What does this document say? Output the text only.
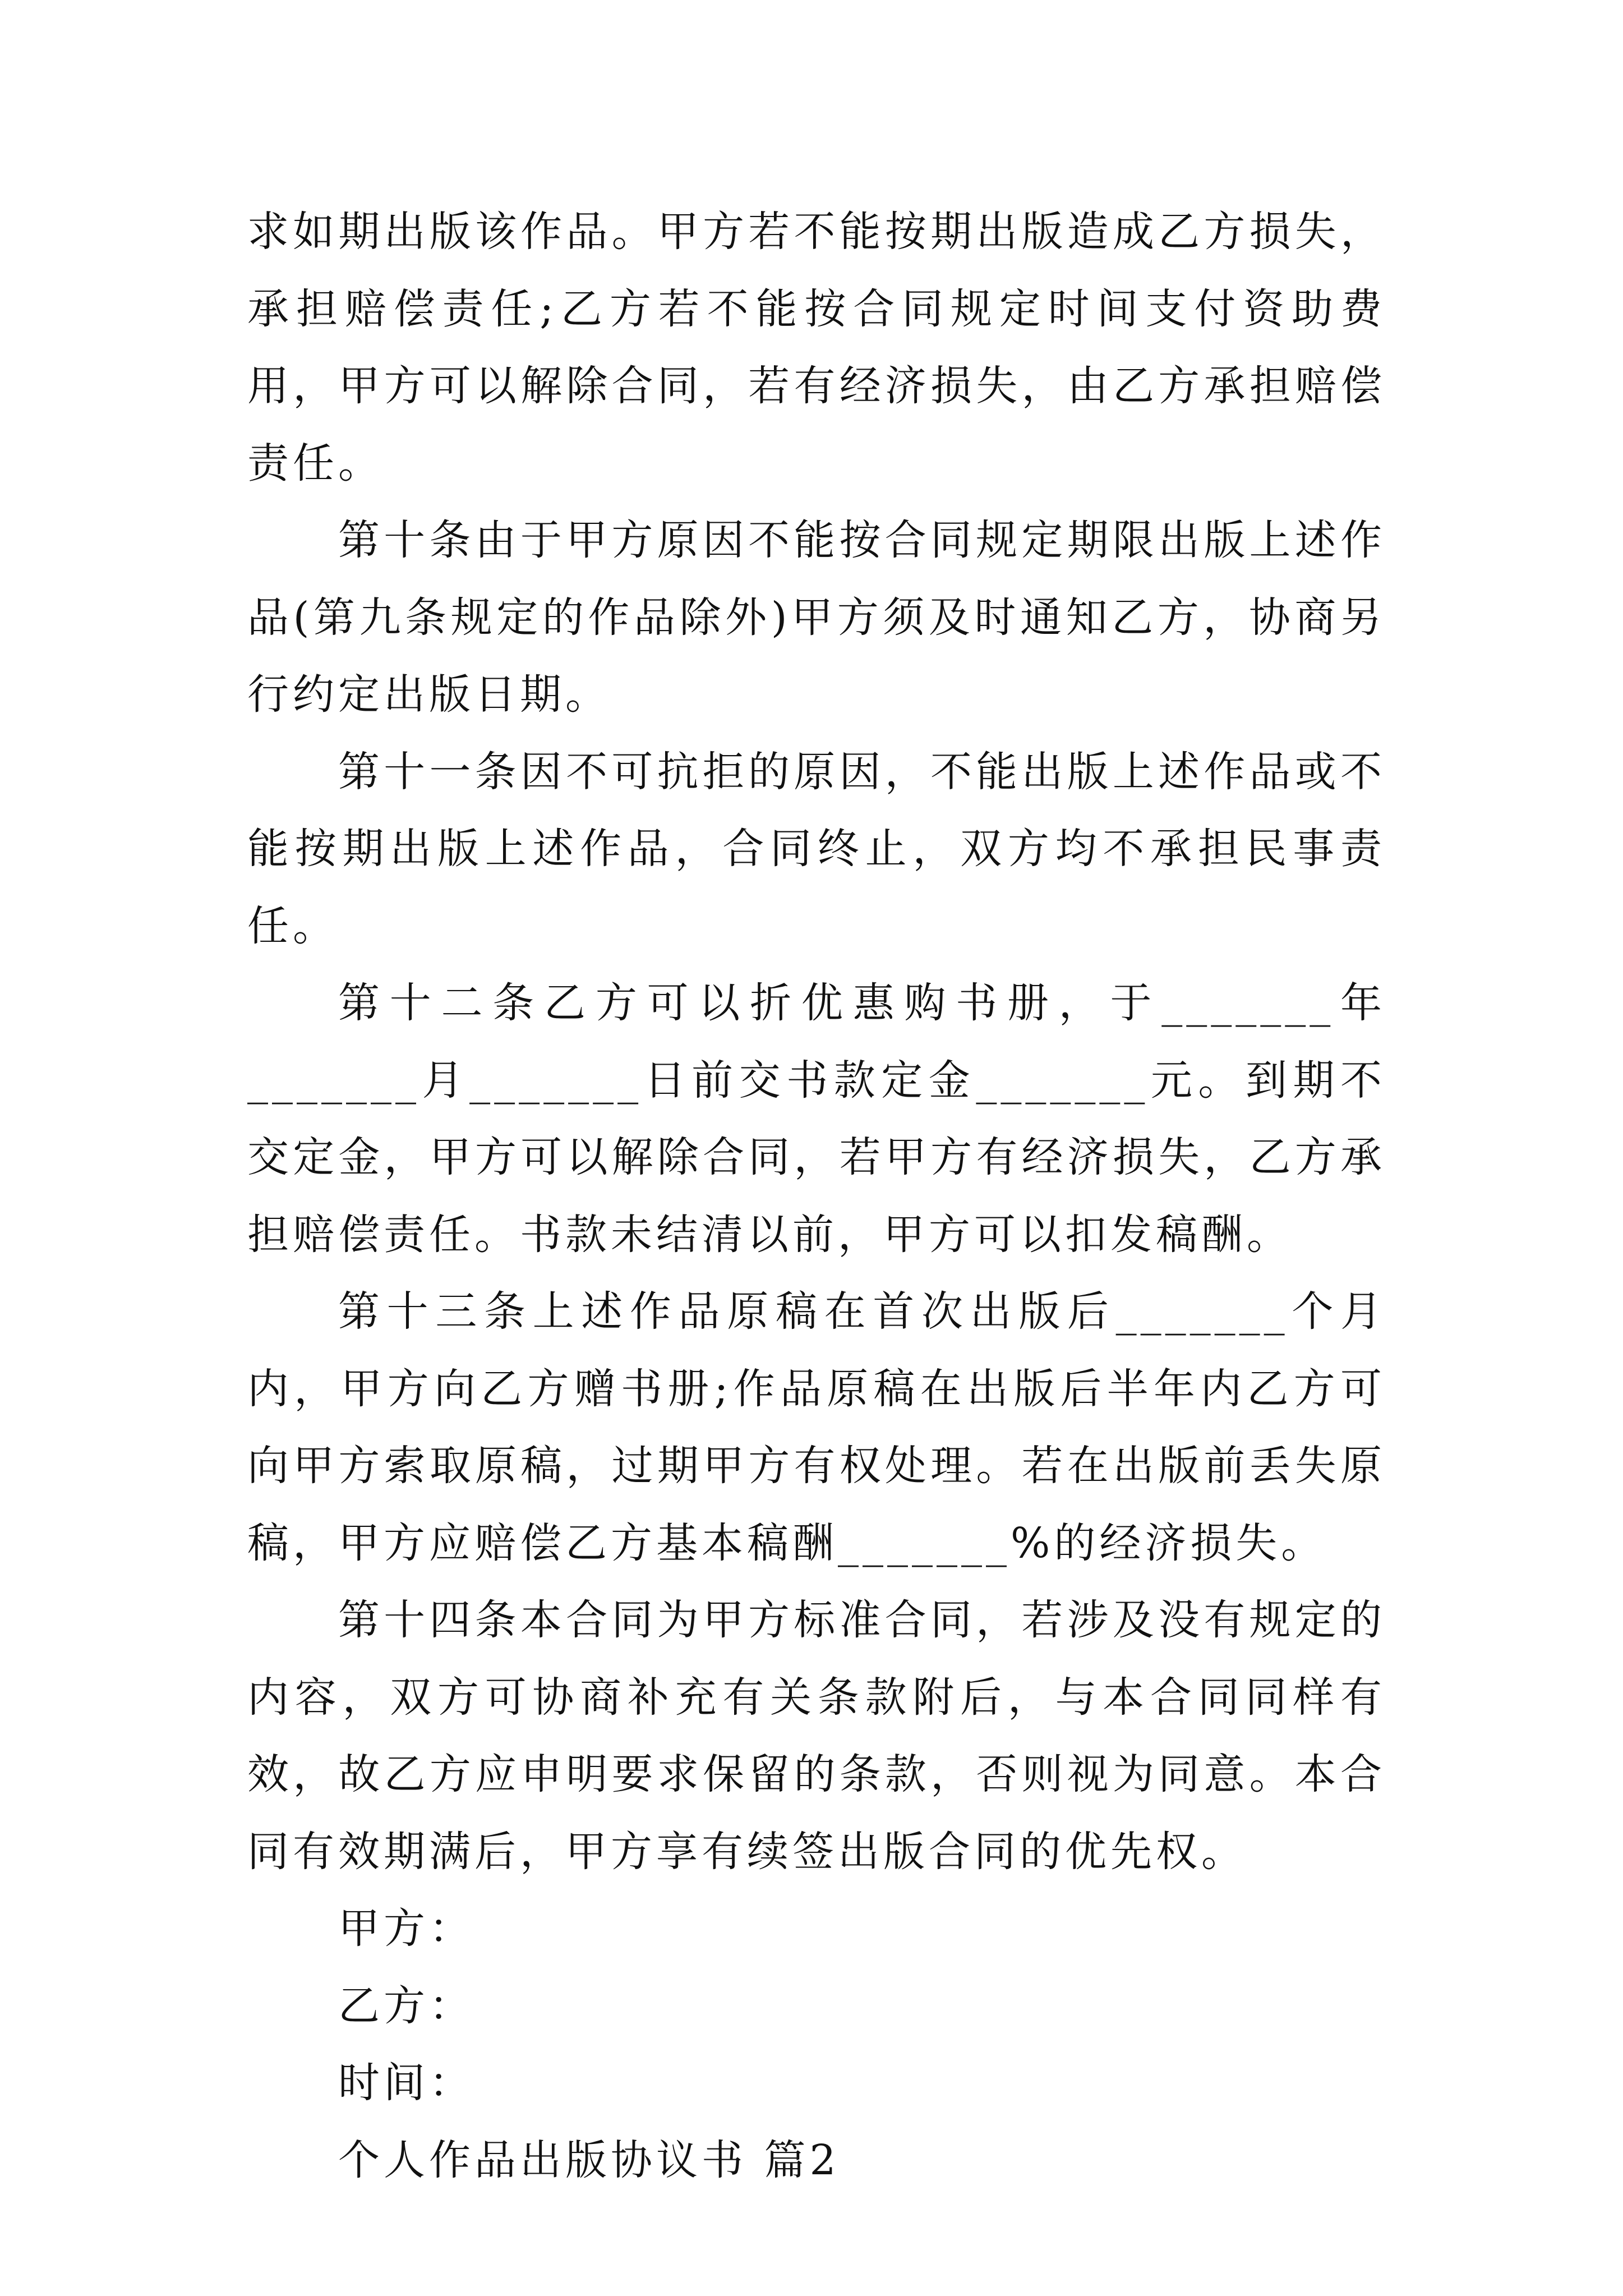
求如期出版该作品。甲方若不能按期出版造成乙方损失，承担赔偿责任;乙方若不能按合同规定时间支付资助费用，甲方可以解除合同，若有经济损失，由乙方承担赔偿责任。

第十条由于甲方原因不能按合同规定期限出版上述作品(第九条规定的作品除外)甲方须及时通知乙方，协商另行约定出版日期。

第十一条因不可抗拒的原因，不能出版上述作品或不能按期出版上述作品，合同终止，双方均不承担民事责任。

第十二条乙方可以折优惠购书册，于_______年_______月_______日前交书款定金_______元。到期不交定金，甲方可以解除合同，若甲方有经济损失，乙方承担赔偿责任。书款未结清以前，甲方可以扣发稿酬。

第十三条上述作品原稿在首次出版后_______个月内，甲方向乙方赠书册;作品原稿在出版后半年内乙方可向甲方索取原稿，过期甲方有权处理。若在出版前丢失原稿，甲方应赔偿乙方基本稿酬_______%的经济损失。

第十四条本合同为甲方标准合同，若涉及没有规定的内容，双方可协商补充有关条款附后，与本合同同样有效，故乙方应申明要求保留的条款，否则视为同意。本合同有效期满后，甲方享有续签出版合同的优先权。

甲方：

乙方：

时间：

个人作品出版协议书 篇2
